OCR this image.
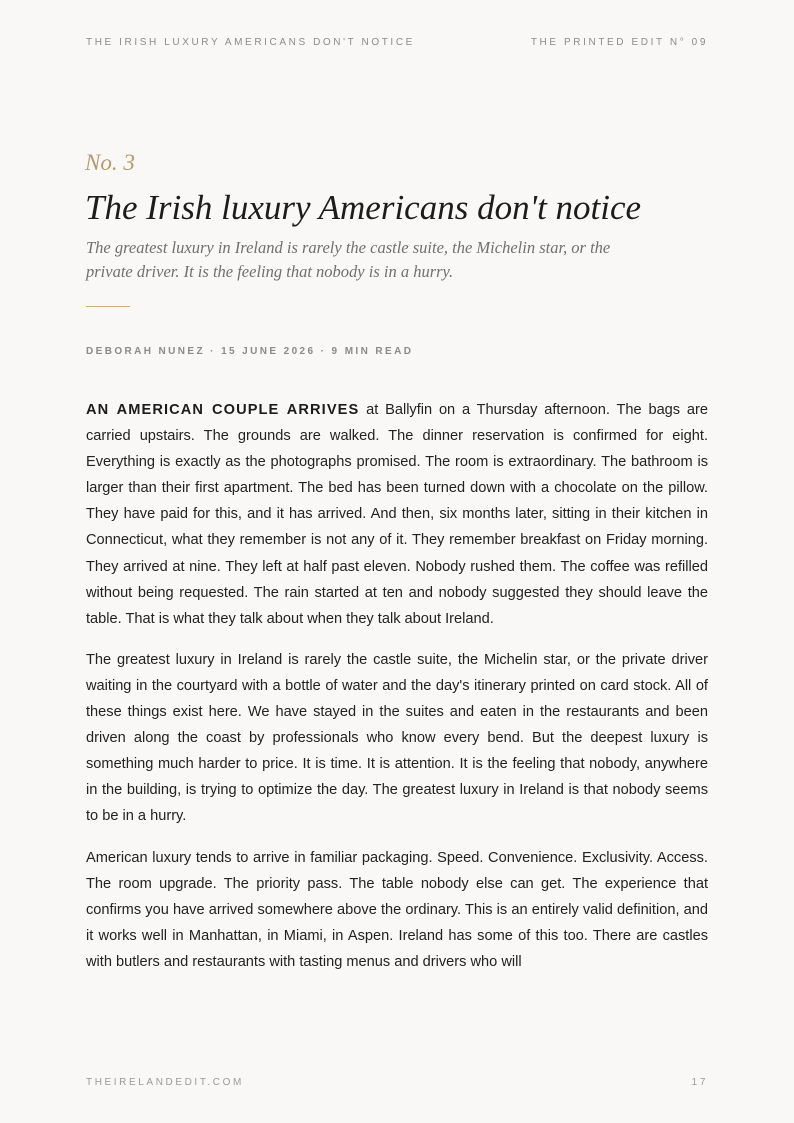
THE IRISH LUXURY AMERICANS DON'T NOTICE	THE PRINTED EDIT N° 09
No. 3
The Irish luxury Americans don't notice

The greatest luxury in Ireland is rarely the castle suite, the Michelin star, or the private driver. It is the feeling that nobody is in a hurry.

DEBORAH NUNEZ · 15 JUNE 2026 · 9 MIN READ

AN AMERICAN COUPLE ARRIVES at Ballyfin on a Thursday afternoon. The bags are carried upstairs. The grounds are walked. The dinner reservation is confirmed for eight. Everything is exactly as the photographs promised. The room is extraordinary. The bathroom is larger than their first apartment. The bed has been turned down with a chocolate on the pillow. They have paid for this, and it has arrived. And then, six months later, sitting in their kitchen in Connecticut, what they remember is not any of it. They remember breakfast on Friday morning. They arrived at nine. They left at half past eleven. Nobody rushed them. The coffee was refilled without being requested. The rain started at ten and nobody suggested they should leave the table. That is what they talk about when they talk about Ireland.

The greatest luxury in Ireland is rarely the castle suite, the Michelin star, or the private driver waiting in the courtyard with a bottle of water and the day's itinerary printed on card stock. All of these things exist here. We have stayed in the suites and eaten in the restaurants and been driven along the coast by professionals who know every bend. But the deepest luxury is something much harder to price. It is time. It is attention. It is the feeling that nobody, anywhere in the building, is trying to optimize the day. The greatest luxury in Ireland is that nobody seems to be in a hurry.

American luxury tends to arrive in familiar packaging. Speed. Convenience. Exclusivity. Access. The room upgrade. The priority pass. The table nobody else can get. The experience that confirms you have arrived somewhere above the ordinary. This is an entirely valid definition, and it works well in Manhattan, in Miami, in Aspen. Ireland has some of this too. There are castles with butlers and restaurants with tasting menus and drivers who will

THEIRELANDEDIT.COM	17
